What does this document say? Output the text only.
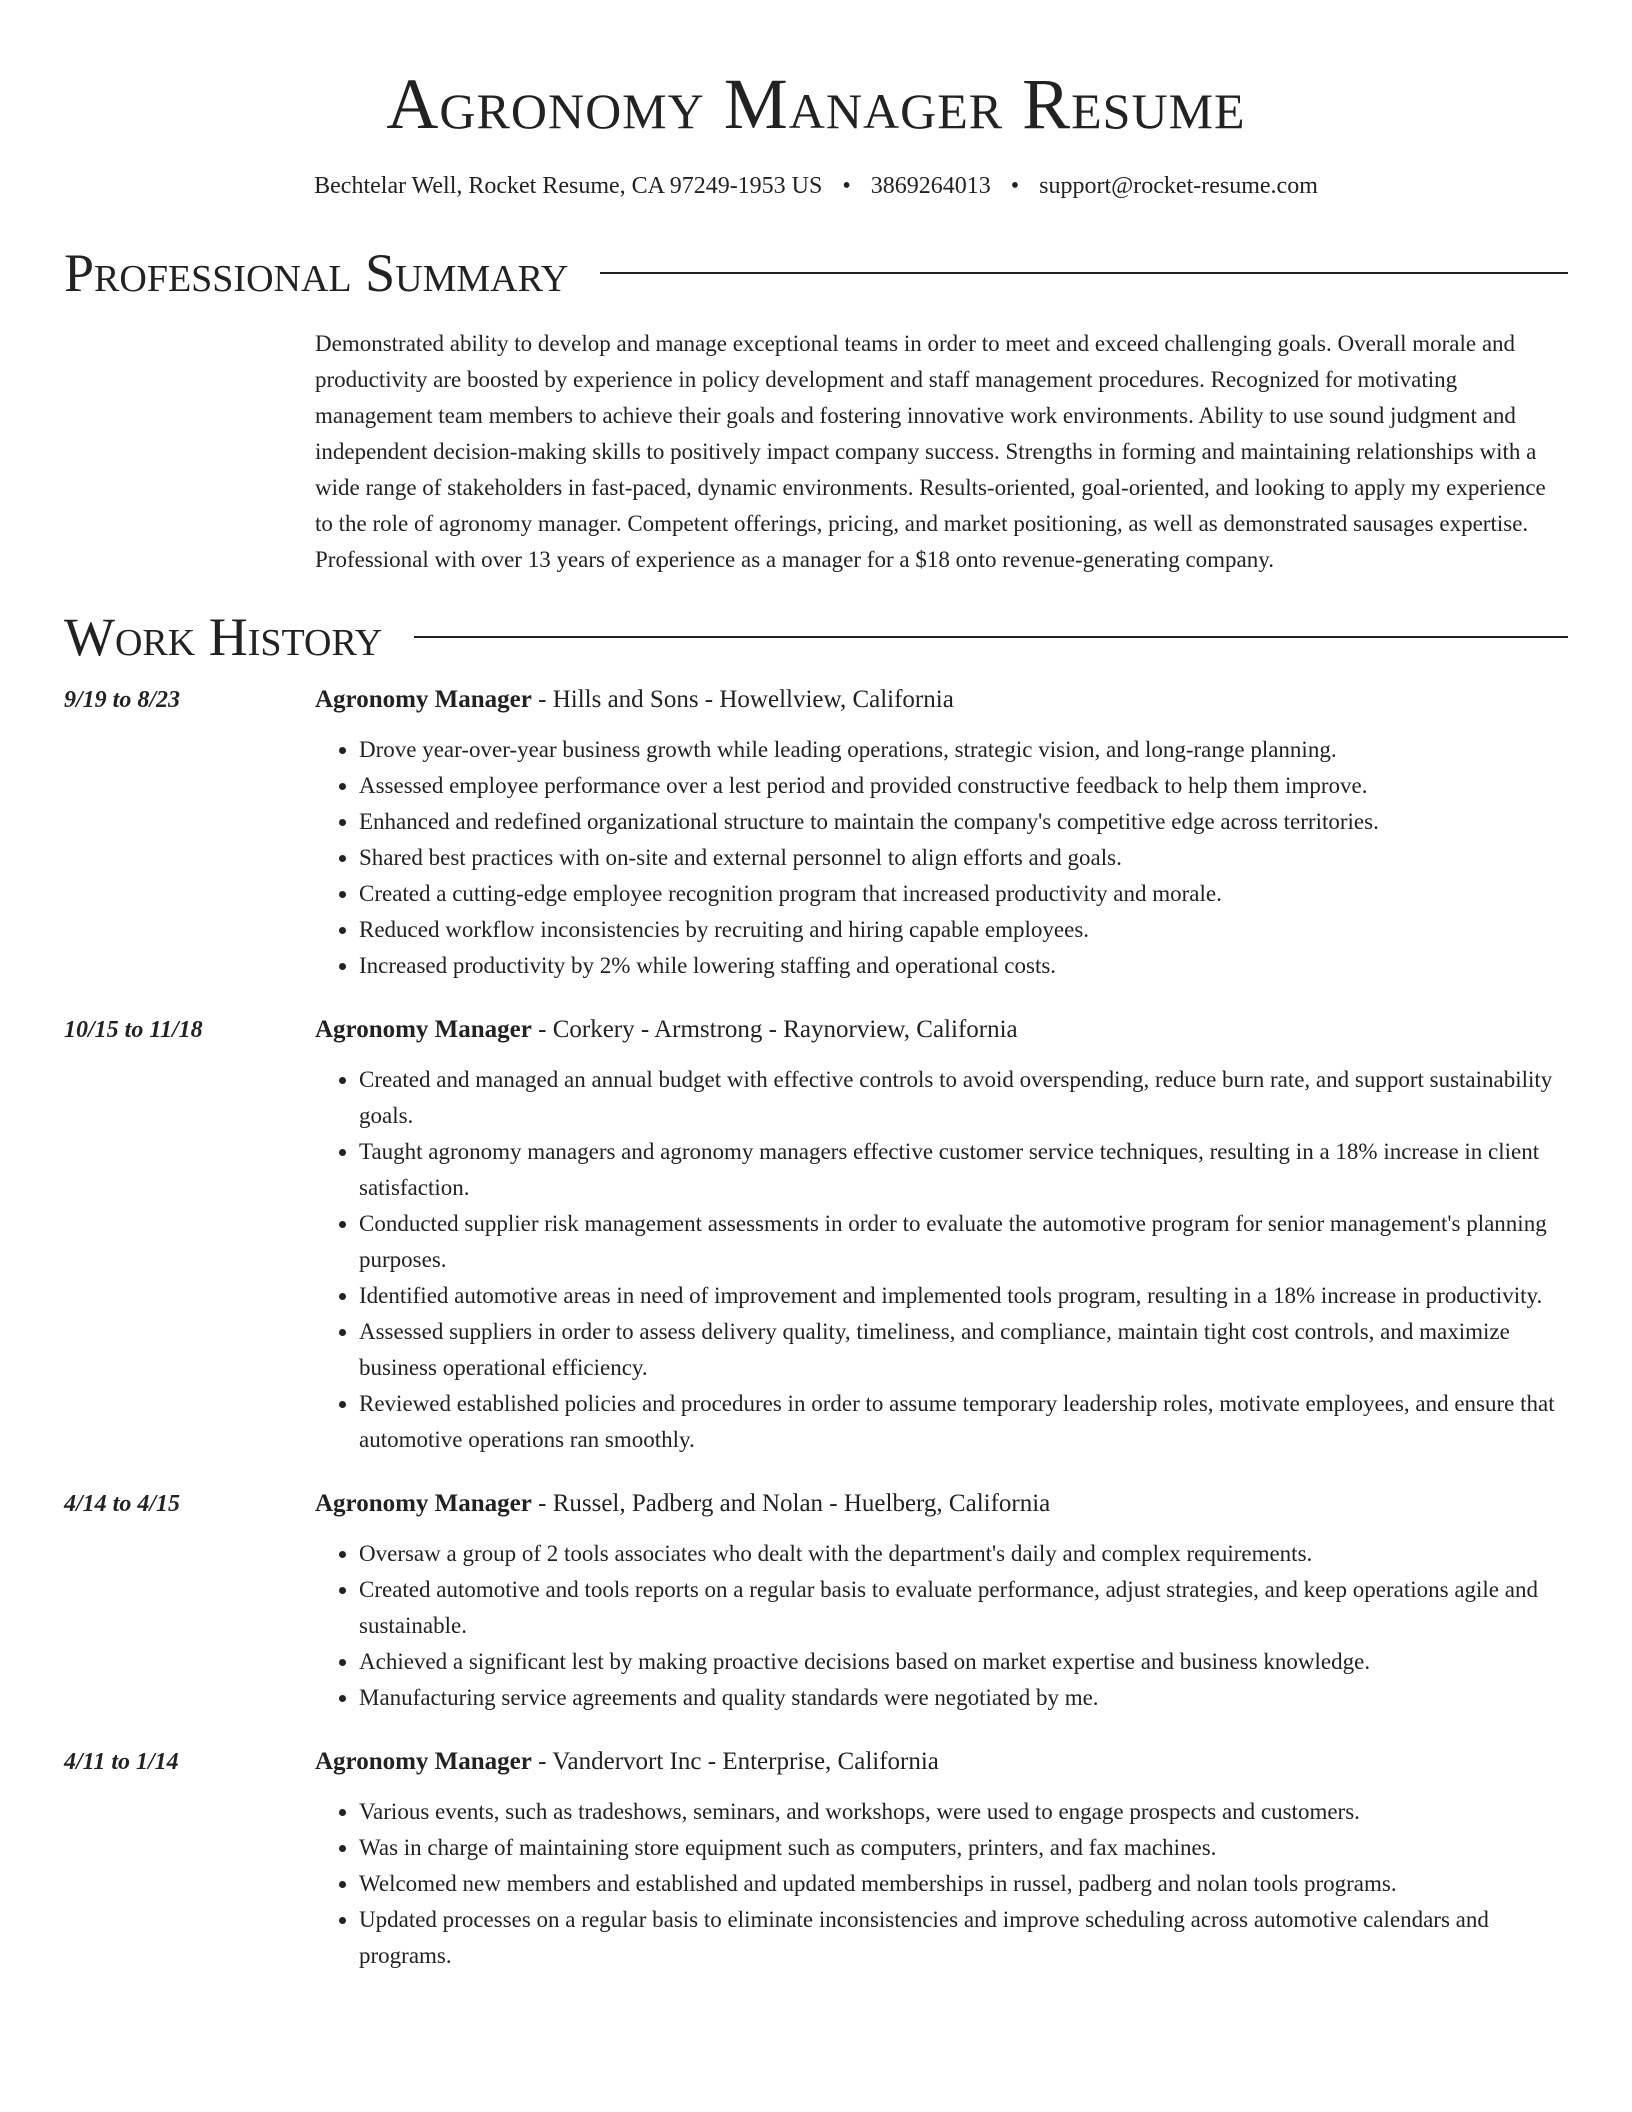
Agronomy Manager Resume
Bechtelar Well, Rocket Resume, CA 97249-1953 US • 3869264013 • support@rocket-resume.com
Professional Summary
Demonstrated ability to develop and manage exceptional teams in order to meet and exceed challenging goals. Overall morale and productivity are boosted by experience in policy development and staff management procedures. Recognized for motivating management team members to achieve their goals and fostering innovative work environments. Ability to use sound judgment and independent decision-making skills to positively impact company success. Strengths in forming and maintaining relationships with a wide range of stakeholders in fast-paced, dynamic environments. Results-oriented, goal-oriented, and looking to apply my experience to the role of agronomy manager. Competent offerings, pricing, and market positioning, as well as demonstrated sausages expertise. Professional with over 13 years of experience as a manager for a $18 onto revenue-generating company.
Work History
9/19 to 8/23	Agronomy Manager - Hills and Sons - Howellview, California
• Drove year-over-year business growth while leading operations, strategic vision, and long-range planning.
• Assessed employee performance over a lest period and provided constructive feedback to help them improve.
• Enhanced and redefined organizational structure to maintain the company's competitive edge across territories.
• Shared best practices with on-site and external personnel to align efforts and goals.
• Created a cutting-edge employee recognition program that increased productivity and morale.
• Reduced workflow inconsistencies by recruiting and hiring capable employees.
• Increased productivity by 2% while lowering staffing and operational costs.
10/15 to 11/18	Agronomy Manager - Corkery - Armstrong - Raynorview, California
• Created and managed an annual budget with effective controls to avoid overspending, reduce burn rate, and support sustainability goals.
• Taught agronomy managers and agronomy managers effective customer service techniques, resulting in a 18% increase in client satisfaction.
• Conducted supplier risk management assessments in order to evaluate the automotive program for senior management's planning purposes.
• Identified automotive areas in need of improvement and implemented tools program, resulting in a 18% increase in productivity.
• Assessed suppliers in order to assess delivery quality, timeliness, and compliance, maintain tight cost controls, and maximize business operational efficiency.
• Reviewed established policies and procedures in order to assume temporary leadership roles, motivate employees, and ensure that automotive operations ran smoothly.
4/14 to 4/15	Agronomy Manager - Russel, Padberg and Nolan - Huelberg, California
• Oversaw a group of 2 tools associates who dealt with the department's daily and complex requirements.
• Created automotive and tools reports on a regular basis to evaluate performance, adjust strategies, and keep operations agile and sustainable.
• Achieved a significant lest by making proactive decisions based on market expertise and business knowledge.
• Manufacturing service agreements and quality standards were negotiated by me.
4/11 to 1/14	Agronomy Manager - Vandervort Inc - Enterprise, California
• Various events, such as tradeshows, seminars, and workshops, were used to engage prospects and customers.
• Was in charge of maintaining store equipment such as computers, printers, and fax machines.
• Welcomed new members and established and updated memberships in russel, padberg and nolan tools programs.
• Updated processes on a regular basis to eliminate inconsistencies and improve scheduling across automotive calendars and programs.
